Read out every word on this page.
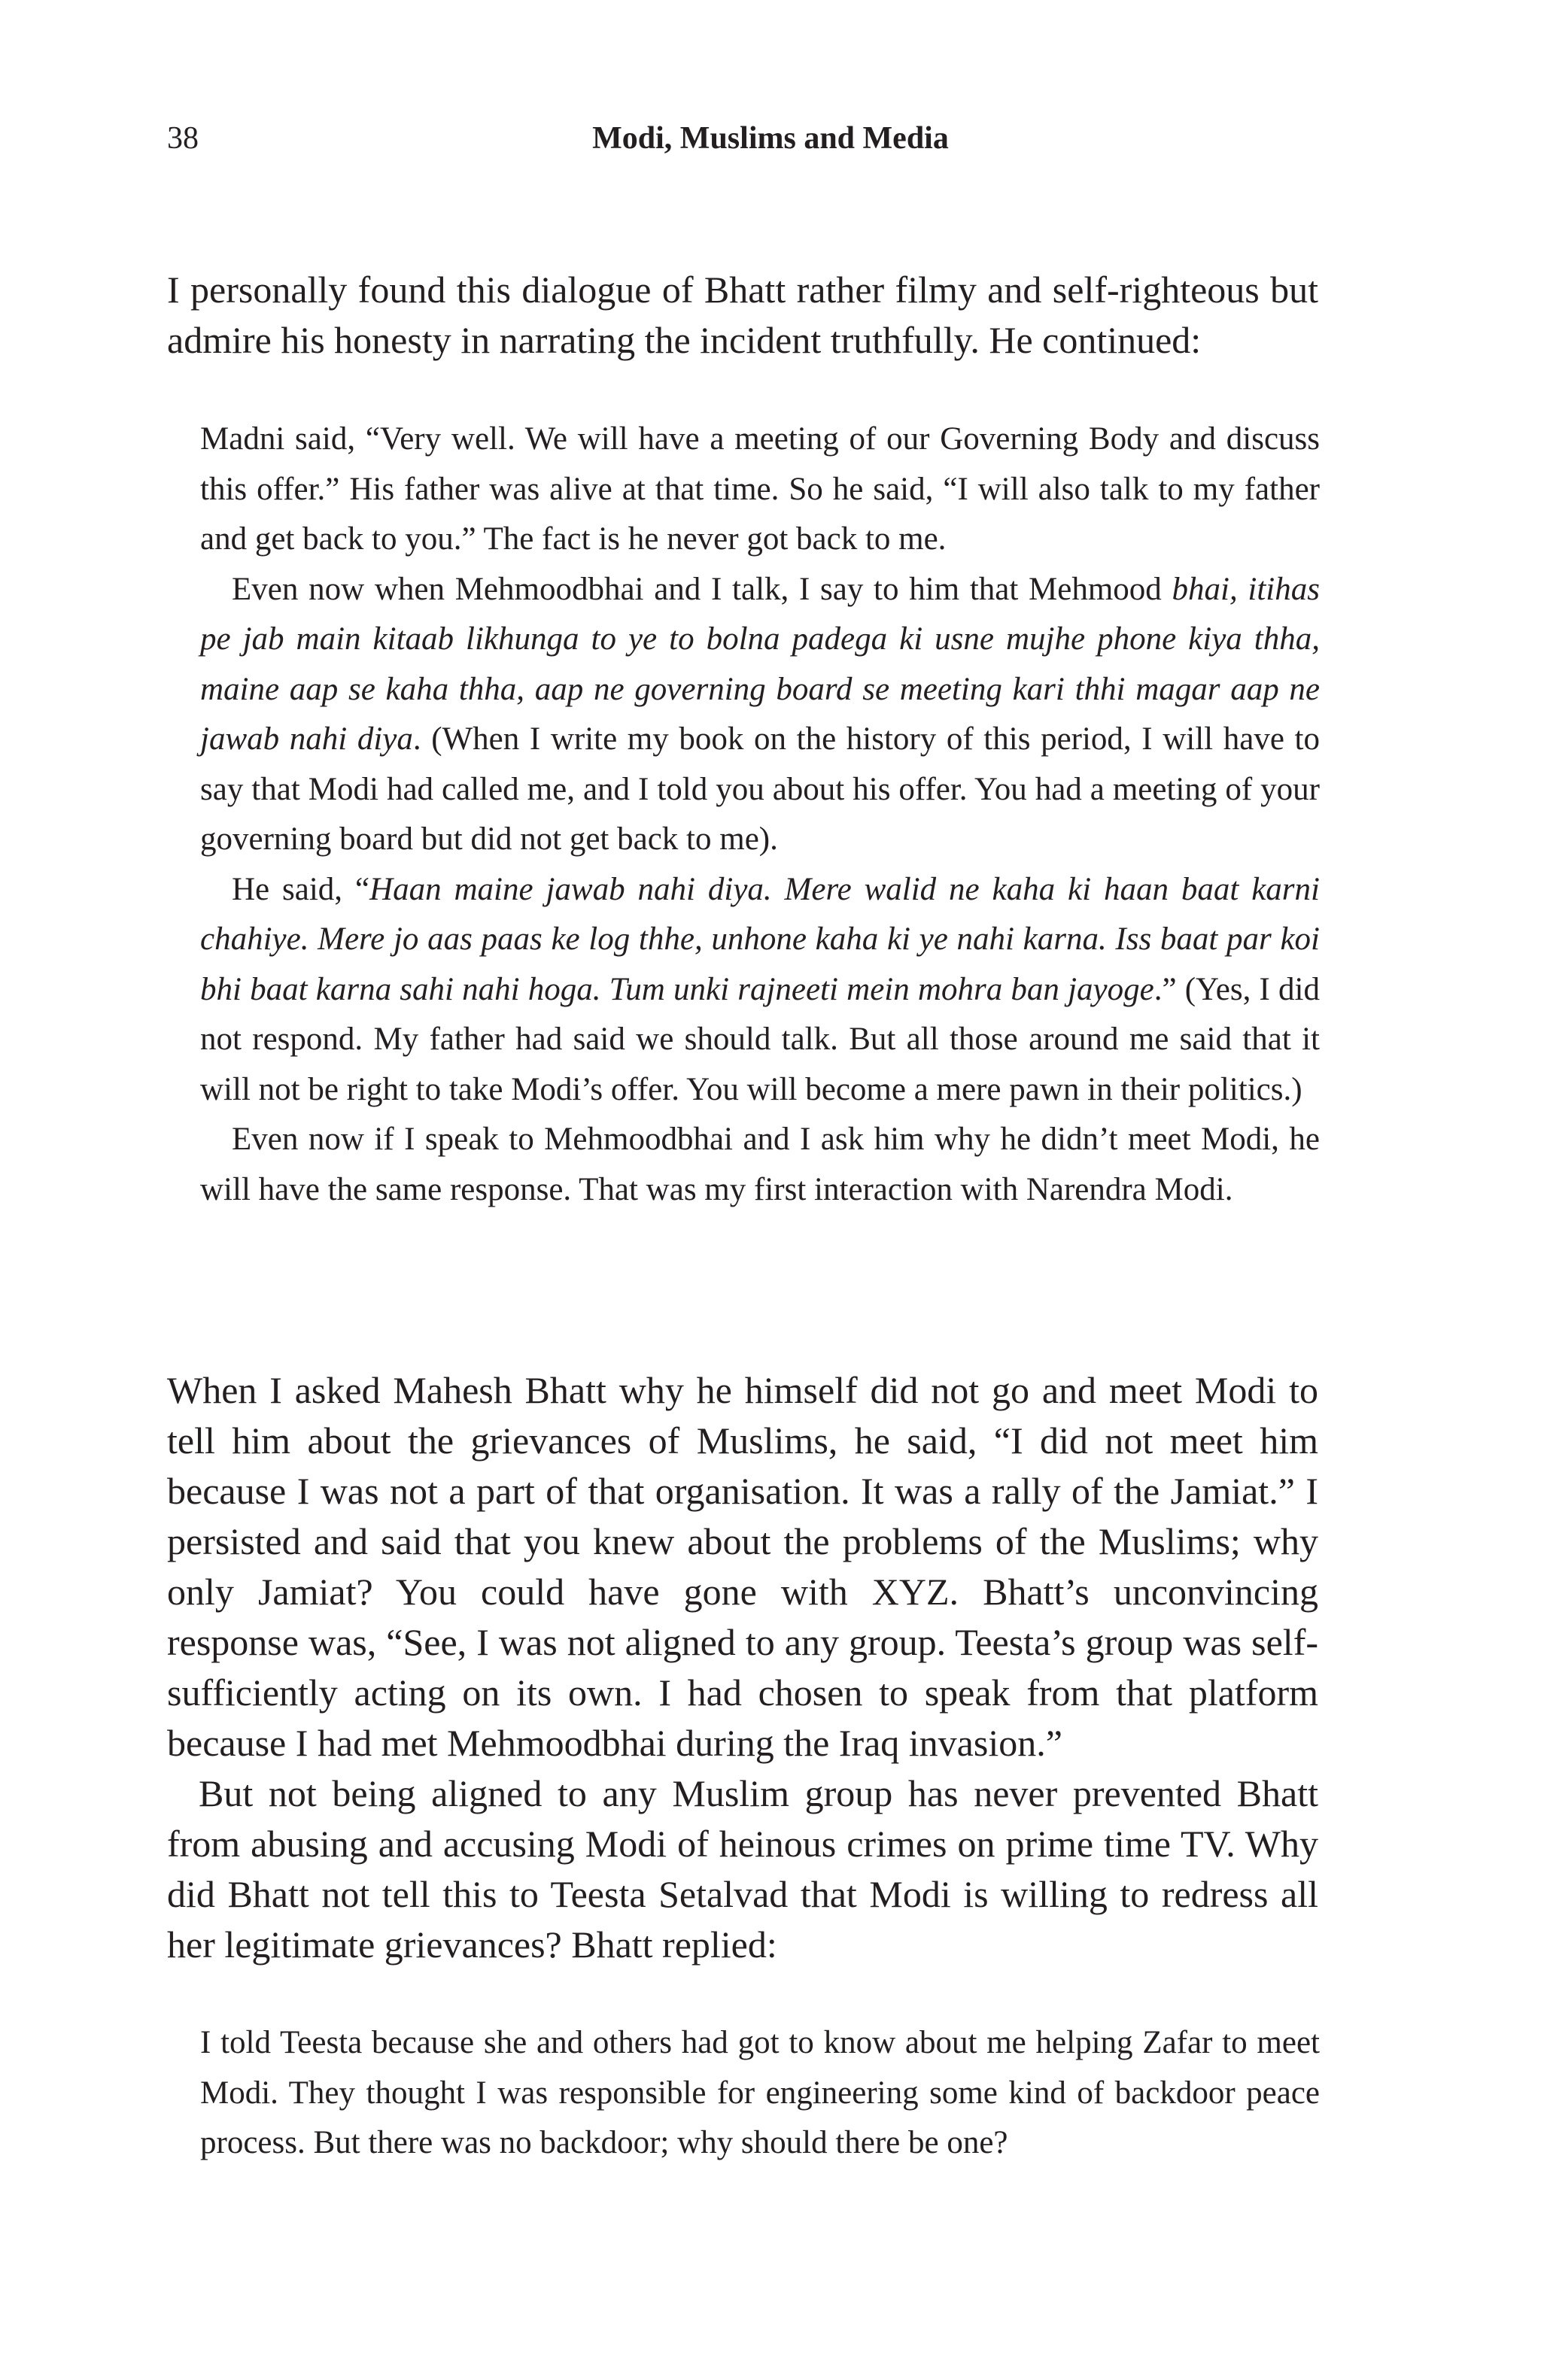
38	Modi, Muslims and Media

I personally found this dialogue of Bhatt rather filmy and self-righteous but admire his honesty in narrating the incident truthfully. He continued:

Madni said, “Very well. We will have a meeting of our Governing Body and discuss this offer.” His father was alive at that time. So he said, “I will also talk to my father and get back to you.” The fact is he never got back to me.

Even now when Mehmoodbhai and I talk, I say to him that Mehmood bhai, itihas pe jab main kitaab likhunga to ye to bolna padega ki usne mujhe phone kiya thha, maine aap se kaha thha, aap ne governing board se meeting kari thhi magar aap ne jawab nahi diya. (When I write my book on the history of this period, I will have to say that Modi had called me, and I told you about his offer. You had a meeting of your governing board but did not get back to me).

He said, “Haan maine jawab nahi diya. Mere walid ne kaha ki haan baat karni chahiye. Mere jo aas paas ke log thhe, unhone kaha ki ye nahi karna. Iss baat par koi bhi baat karna sahi nahi hoga. Tum unki rajneeti mein mohra ban jayoge.” (Yes, I did not respond. My father had said we should talk. But all those around me said that it will not be right to take Modi’s offer. You will become a mere pawn in their politics.)

Even now if I speak to Mehmoodbhai and I ask him why he didn’t meet Modi, he will have the same response. That was my first interaction with Narendra Modi.

When I asked Mahesh Bhatt why he himself did not go and meet Modi to tell him about the grievances of Muslims, he said, “I did not meet him because I was not a part of that organisation. It was a rally of the Jamiat.” I persisted and said that you knew about the problems of the Muslims; why only Jamiat? You could have gone with XYZ. Bhatt’s unconvincing response was, “See, I was not aligned to any group. Teesta’s group was self-sufficiently acting on its own. I had chosen to speak from that platform because I had met Mehmoodbhai during the Iraq invasion.”

But not being aligned to any Muslim group has never prevented Bhatt from abusing and accusing Modi of heinous crimes on prime time TV. Why did Bhatt not tell this to Teesta Setalvad that Modi is willing to redress all her legitimate grievances? Bhatt replied:

I told Teesta because she and others had got to know about me helping Zafar to meet Modi. They thought I was responsible for engineering some kind of backdoor peace process. But there was no backdoor; why should there be one?
